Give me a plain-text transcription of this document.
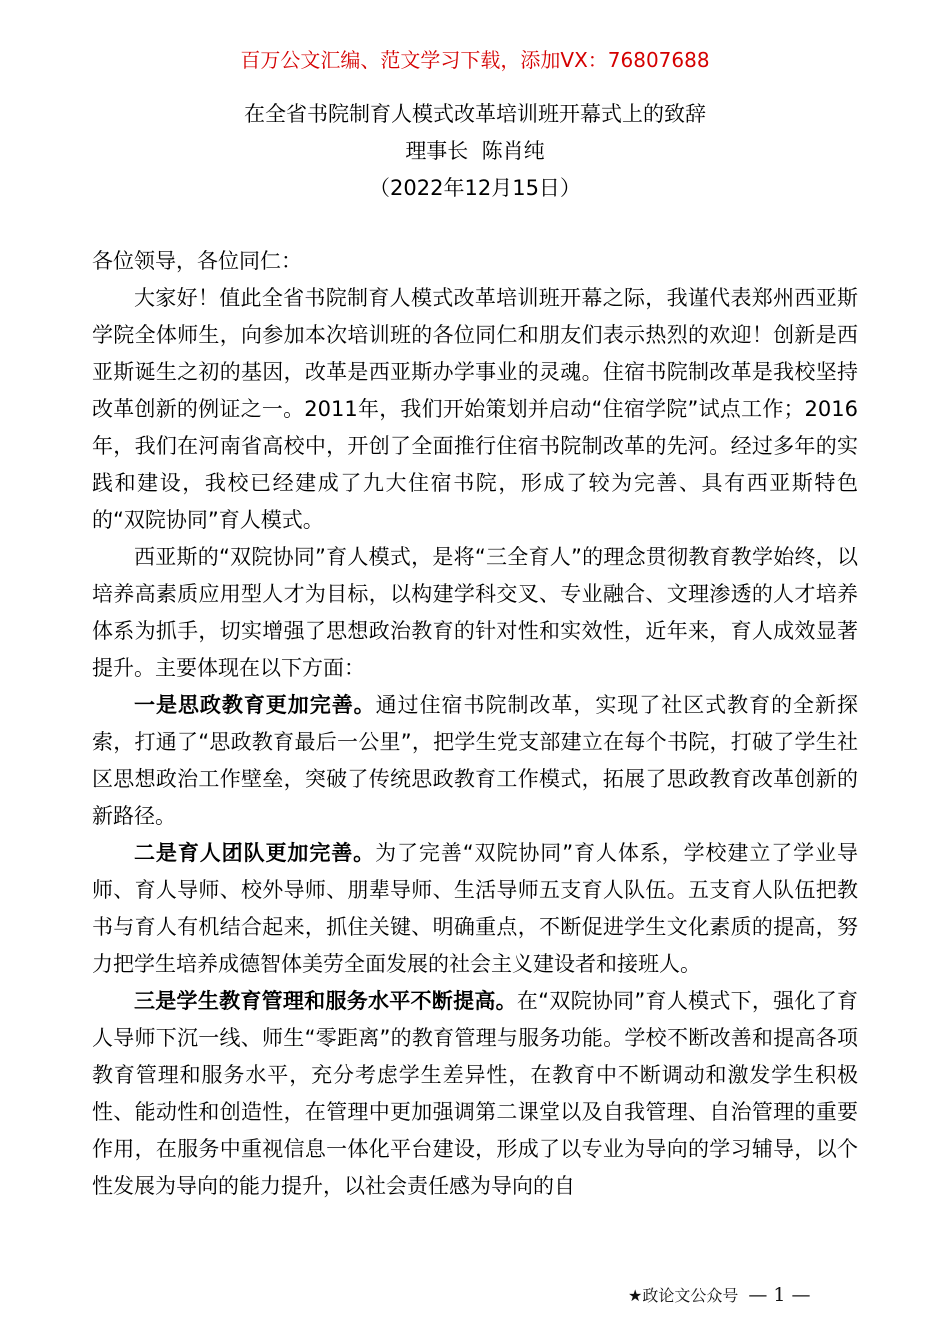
百万公文汇编、范文学习下载，添加VX：76807688
在全省书院制育人模式改革培训班开幕式上的致辞
理事长  陈肖纯
（2022年12月15日）

各位领导，各位同仁：

大家好！值此全省书院制育人模式改革培训班开幕之际，我谨代表郑州西亚斯学院全体师生，向参加本次培训班的各位同仁和朋友们表示热烈的欢迎！创新是西亚斯诞生之初的基因，改革是西亚斯办学事业的灵魂。住宿书院制改革是我校坚持改革创新的例证之一。2011年，我们开始策划并启动“住宿学院”试点工作；2016年，我们在河南省高校中，开创了全面推行住宿书院制改革的先河。经过多年的实践和建设，我校已经建成了九大住宿书院，形成了较为完善、具有西亚斯特色的“双院协同”育人模式。

西亚斯的“双院协同”育人模式，是将“三全育人”的理念贯彻教育教学始终，以培养高素质应用型人才为目标，以构建学科交叉、专业融合、文理渗透的人才培养体系为抓手，切实增强了思想政治教育的针对性和实效性，近年来，育人成效显著提升。主要体现在以下方面：

一是思政教育更加完善。通过住宿书院制改革，实现了社区式教育的全新探索，打通了“思政教育最后一公里”，把学生党支部建立在每个书院，打破了学生社区思想政治工作壁垒，突破了传统思政教育工作模式，拓展了思政教育改革创新的新路径。

二是育人团队更加完善。为了完善“双院协同”育人体系，学校建立了学业导师、育人导师、校外导师、朋辈导师、生活导师五支育人队伍。五支育人队伍把教书与育人有机结合起来，抓住关键、明确重点，不断促进学生文化素质的提高，努力把学生培养成德智体美劳全面发展的社会主义建设者和接班人。

三是学生教育管理和服务水平不断提高。在“双院协同”育人模式下，强化了育人导师下沉一线、师生“零距离”的教育管理与服务功能。学校不断改善和提高各项教育管理和服务水平，充分考虑学生差异性，在教育中不断调动和激发学生积极性、能动性和创造性，在管理中更加强调第二课堂以及自我管理、自治管理的重要作用，在服务中重视信息一体化平台建设，形成了以专业为导向的学习辅导，以个性发展为导向的能力提升，以社会责任感为导向的自

★政论文公众号 — 1 —
